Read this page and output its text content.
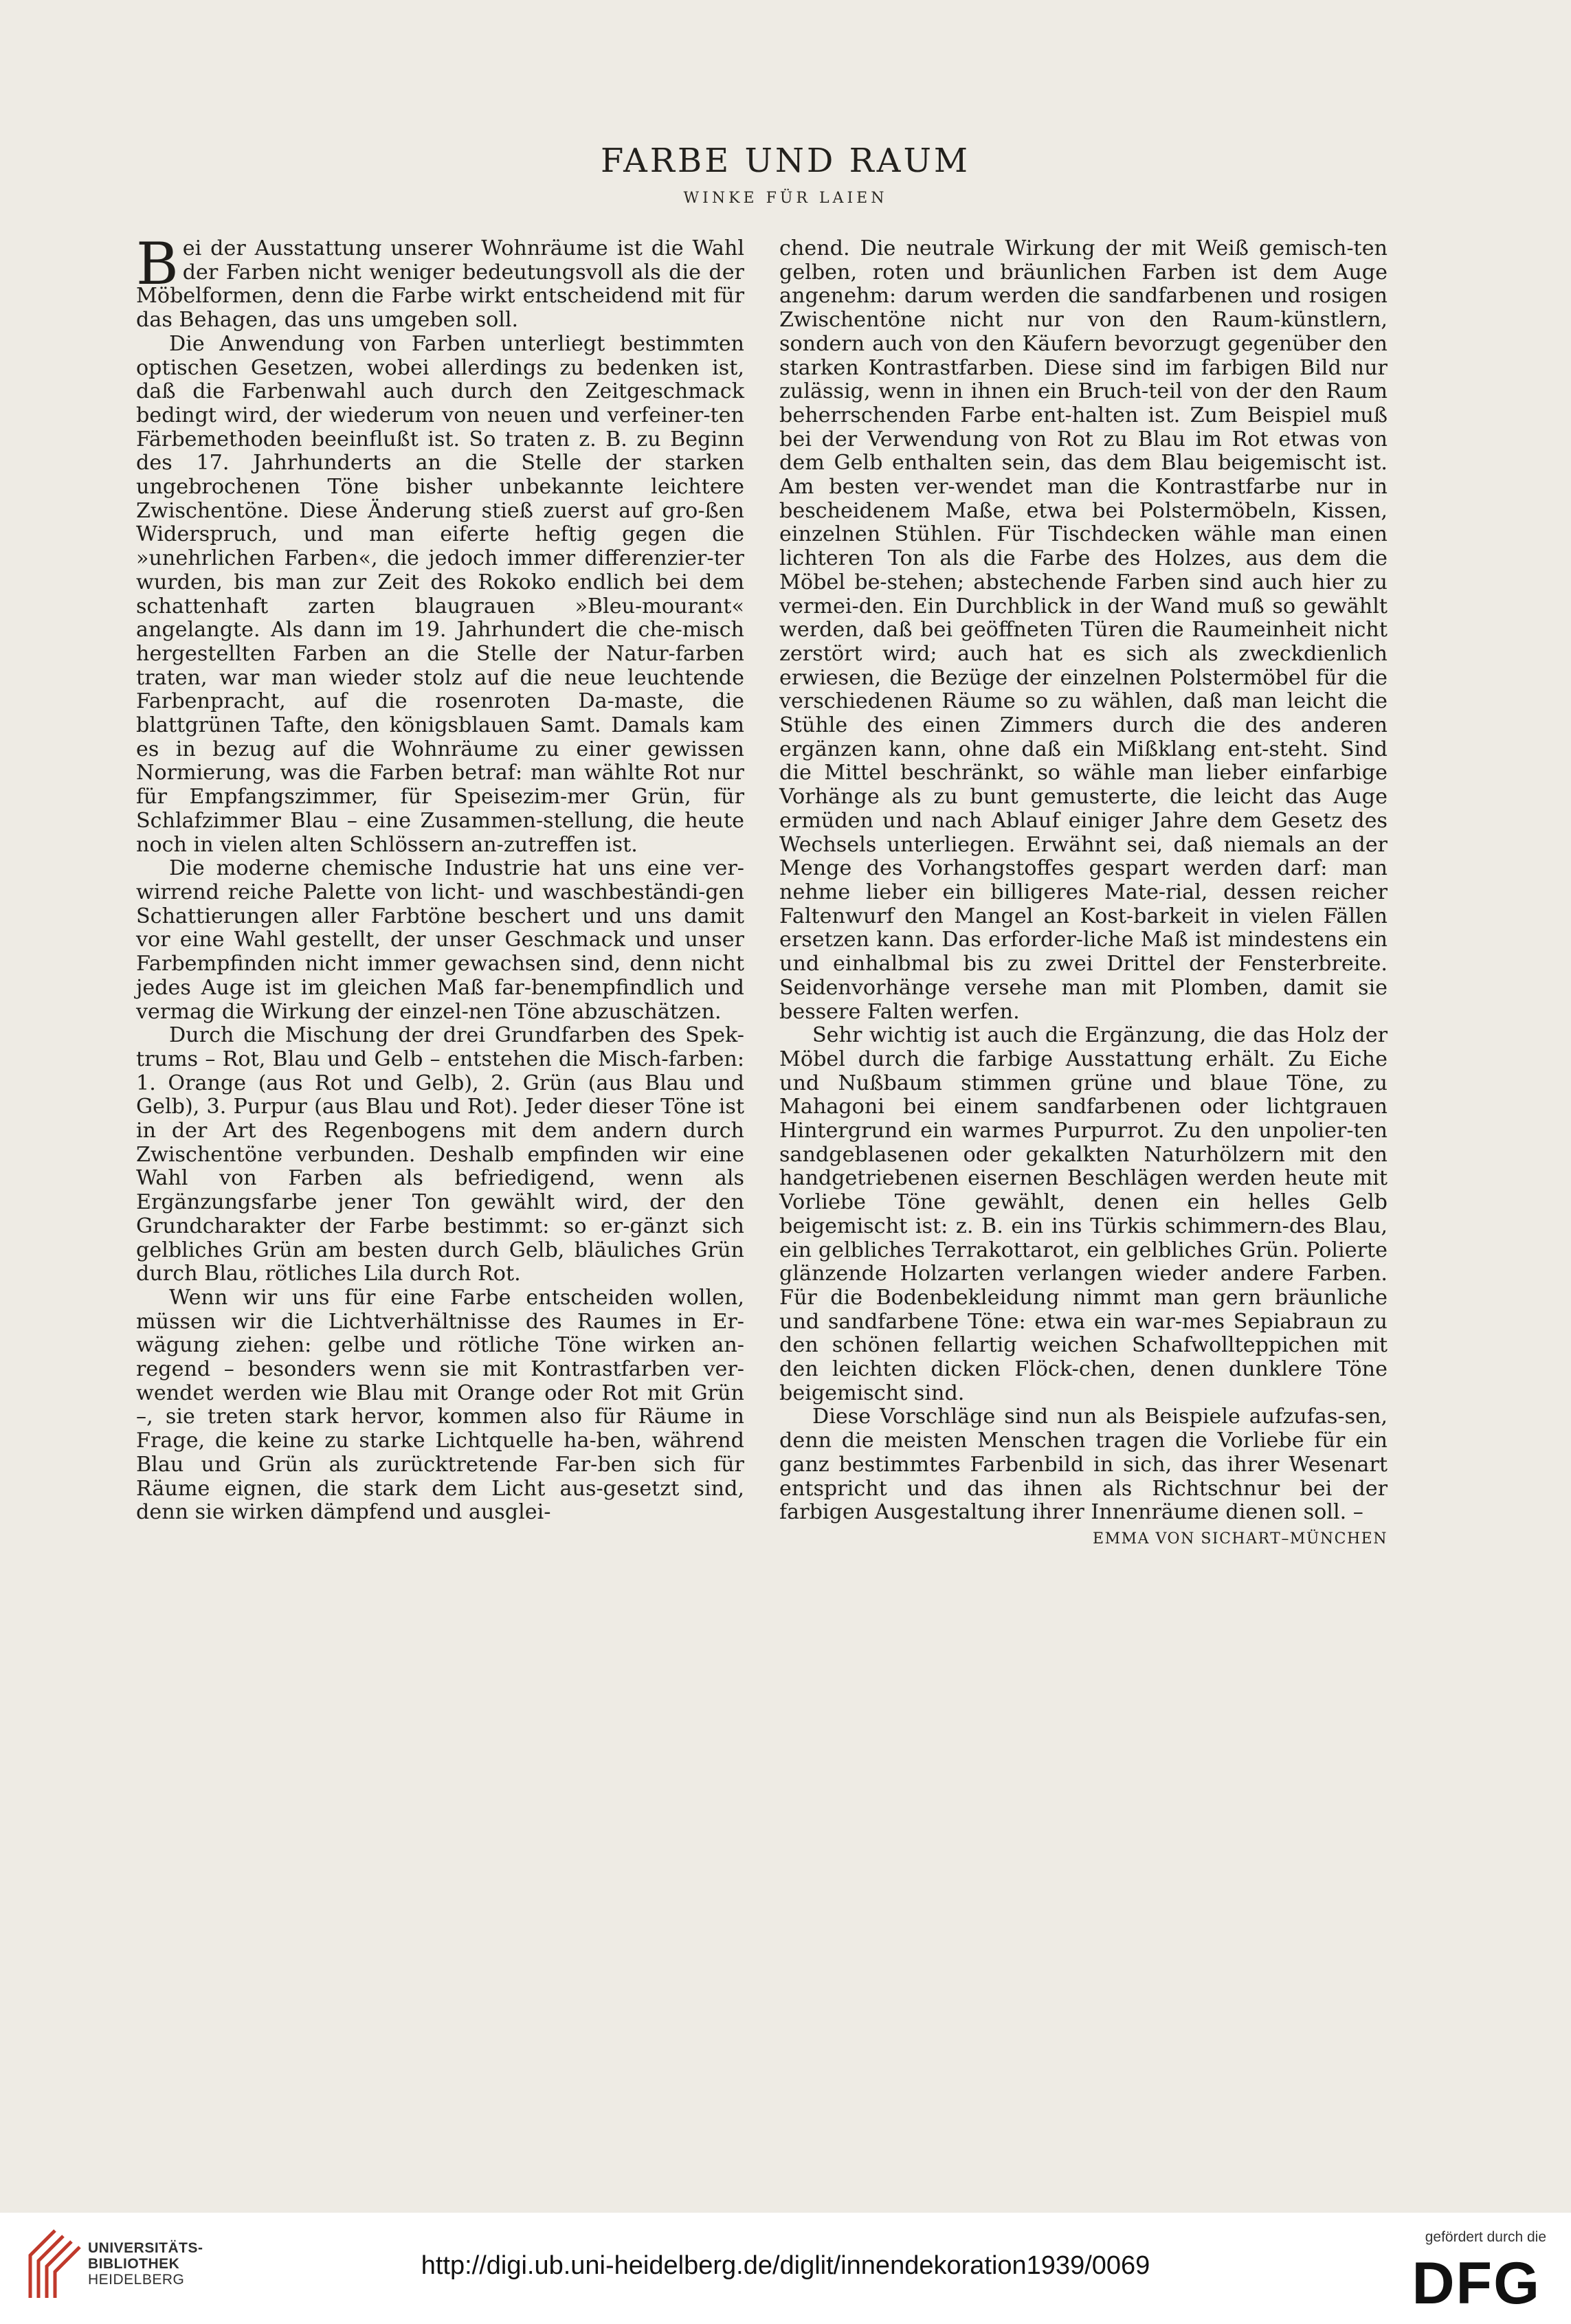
FARBE UND RAUM
WINKE FÜR LAIEN

Bei der Ausstattung unserer Wohnräume ist die Wahl der Farben nicht weniger bedeutungsvoll als die der Möbelformen, denn die Farbe wirkt entscheidend mit für das Behagen, das uns umgeben soll.

Die Anwendung von Farben unterliegt bestimmten optischen Gesetzen, wobei allerdings zu bedenken ist, daß die Farbenwahl auch durch den Zeitgeschmack bedingt wird, der wiederum von neuen und verfeiner-ten Färbemethoden beeinflußt ist. So traten z. B. zu Beginn des 17. Jahrhunderts an die Stelle der starken ungebrochenen Töne bisher unbekannte leichtere Zwischentöne. Diese Änderung stieß zuerst auf gro-ßen Widerspruch, und man eiferte heftig gegen die »unehrlichen Farben«, die jedoch immer differenzier-ter wurden, bis man zur Zeit des Rokoko endlich bei dem schattenhaft zarten blaugrauen »Bleu-mourant« angelangte. Als dann im 19. Jahrhundert die che-misch hergestellten Farben an die Stelle der Natur-farben traten, war man wieder stolz auf die neue leuchtende Farbenpracht, auf die rosenroten Da-maste, die blattgrünen Tafte, den königsblauen Samt. Damals kam es in bezug auf die Wohnräume zu einer gewissen Normierung, was die Farben betraf: man wählte Rot nur für Empfangszimmer, für Speisezim-mer Grün, für Schlafzimmer Blau – eine Zusammen-stellung, die heute noch in vielen alten Schlössern an-zutreffen ist.

Die moderne chemische Industrie hat uns eine ver-wirrend reiche Palette von licht- und waschbeständi-gen Schattierungen aller Farbtöne beschert und uns damit vor eine Wahl gestellt, der unser Geschmack und unser Farbempfinden nicht immer gewachsen sind, denn nicht jedes Auge ist im gleichen Maß far-benempfindlich und vermag die Wirkung der einzel-nen Töne abzuschätzen.

Durch die Mischung der drei Grundfarben des Spek-trums – Rot, Blau und Gelb – entstehen die Misch-farben: 1. Orange (aus Rot und Gelb), 2. Grün (aus Blau und Gelb), 3. Purpur (aus Blau und Rot). Jeder dieser Töne ist in der Art des Regenbogens mit dem andern durch Zwischentöne verbunden. Deshalb empfinden wir eine Wahl von Farben als befriedigend, wenn als Ergänzungsfarbe jener Ton gewählt wird, der den Grundcharakter der Farbe bestimmt: so er-gänzt sich gelbliches Grün am besten durch Gelb, bläuliches Grün durch Blau, rötliches Lila durch Rot.

Wenn wir uns für eine Farbe entscheiden wollen, müssen wir die Lichtverhältnisse des Raumes in Er-wägung ziehen: gelbe und rötliche Töne wirken an-regend – besonders wenn sie mit Kontrastfarben ver-wendet werden wie Blau mit Orange oder Rot mit Grün –, sie treten stark hervor, kommen also für Räume in Frage, die keine zu starke Lichtquelle ha-ben, während Blau und Grün als zurücktretende Far-ben sich für Räume eignen, die stark dem Licht aus-gesetzt sind, denn sie wirken dämpfend und ausglei-

chend. Die neutrale Wirkung der mit Weiß gemisch-ten gelben, roten und bräunlichen Farben ist dem Auge angenehm: darum werden die sandfarbenen und rosigen Zwischentöne nicht nur von den Raum-künstlern, sondern auch von den Käufern bevorzugt gegenüber den starken Kontrastfarben. Diese sind im farbigen Bild nur zulässig, wenn in ihnen ein Bruch-teil von der den Raum beherrschenden Farbe ent-halten ist. Zum Beispiel muß bei der Verwendung von Rot zu Blau im Rot etwas von dem Gelb enthalten sein, das dem Blau beigemischt ist. Am besten ver-wendet man die Kontrastfarbe nur in bescheidenem Maße, etwa bei Polstermöbeln, Kissen, einzelnen Stühlen. Für Tischdecken wähle man einen lichteren Ton als die Farbe des Holzes, aus dem die Möbel be-stehen; abstechende Farben sind auch hier zu vermei-den. Ein Durchblick in der Wand muß so gewählt werden, daß bei geöffneten Türen die Raumeinheit nicht zerstört wird; auch hat es sich als zweckdienlich erwiesen, die Bezüge der einzelnen Polstermöbel für die verschiedenen Räume so zu wählen, daß man leicht die Stühle des einen Zimmers durch die des anderen ergänzen kann, ohne daß ein Mißklang ent-steht. Sind die Mittel beschränkt, so wähle man lieber einfarbige Vorhänge als zu bunt gemusterte, die leicht das Auge ermüden und nach Ablauf einiger Jahre dem Gesetz des Wechsels unterliegen. Erwähnt sei, daß niemals an der Menge des Vorhangstoffes gespart werden darf: man nehme lieber ein billigeres Mate-rial, dessen reicher Faltenwurf den Mangel an Kost-barkeit in vielen Fällen ersetzen kann. Das erforder-liche Maß ist mindestens ein und einhalbmal bis zu zwei Drittel der Fensterbreite. Seidenvorhänge versehe man mit Plomben, damit sie bessere Falten werfen.

Sehr wichtig ist auch die Ergänzung, die das Holz der Möbel durch die farbige Ausstattung erhält. Zu Eiche und Nußbaum stimmen grüne und blaue Töne, zu Mahagoni bei einem sandfarbenen oder lichtgrauen Hintergrund ein warmes Purpurrot. Zu den unpolier-ten sandgeblasenen oder gekalkten Naturhölzern mit den handgetriebenen eisernen Beschlägen werden heute mit Vorliebe Töne gewählt, denen ein helles Gelb beigemischt ist: z. B. ein ins Türkis schimmern-des Blau, ein gelbliches Terrakottarot, ein gelbliches Grün. Polierte glänzende Holzarten verlangen wieder andere Farben. Für die Bodenbekleidung nimmt man gern bräunliche und sandfarbene Töne: etwa ein war-mes Sepiabraun zu den schönen fellartig weichen Schafwollteppichen mit den leichten dicken Flöck-chen, denen dunklere Töne beigemischt sind.

Diese Vorschläge sind nun als Beispiele aufzufas-sen, denn die meisten Menschen tragen die Vorliebe für ein ganz bestimmtes Farbenbild in sich, das ihrer Wesenart entspricht und das ihnen als Richtschnur bei der farbigen Ausgestaltung ihrer Innenräume dienen soll. –
EMMA VON SICHART–MÜNCHEN

UNIVERSITÄTS-
BIBLIOTHEK
HEIDELBERG	http://digi.ub.uni-heidelberg.de/diglit/innendekoration1939/0069
gefördert durch die
DFG
